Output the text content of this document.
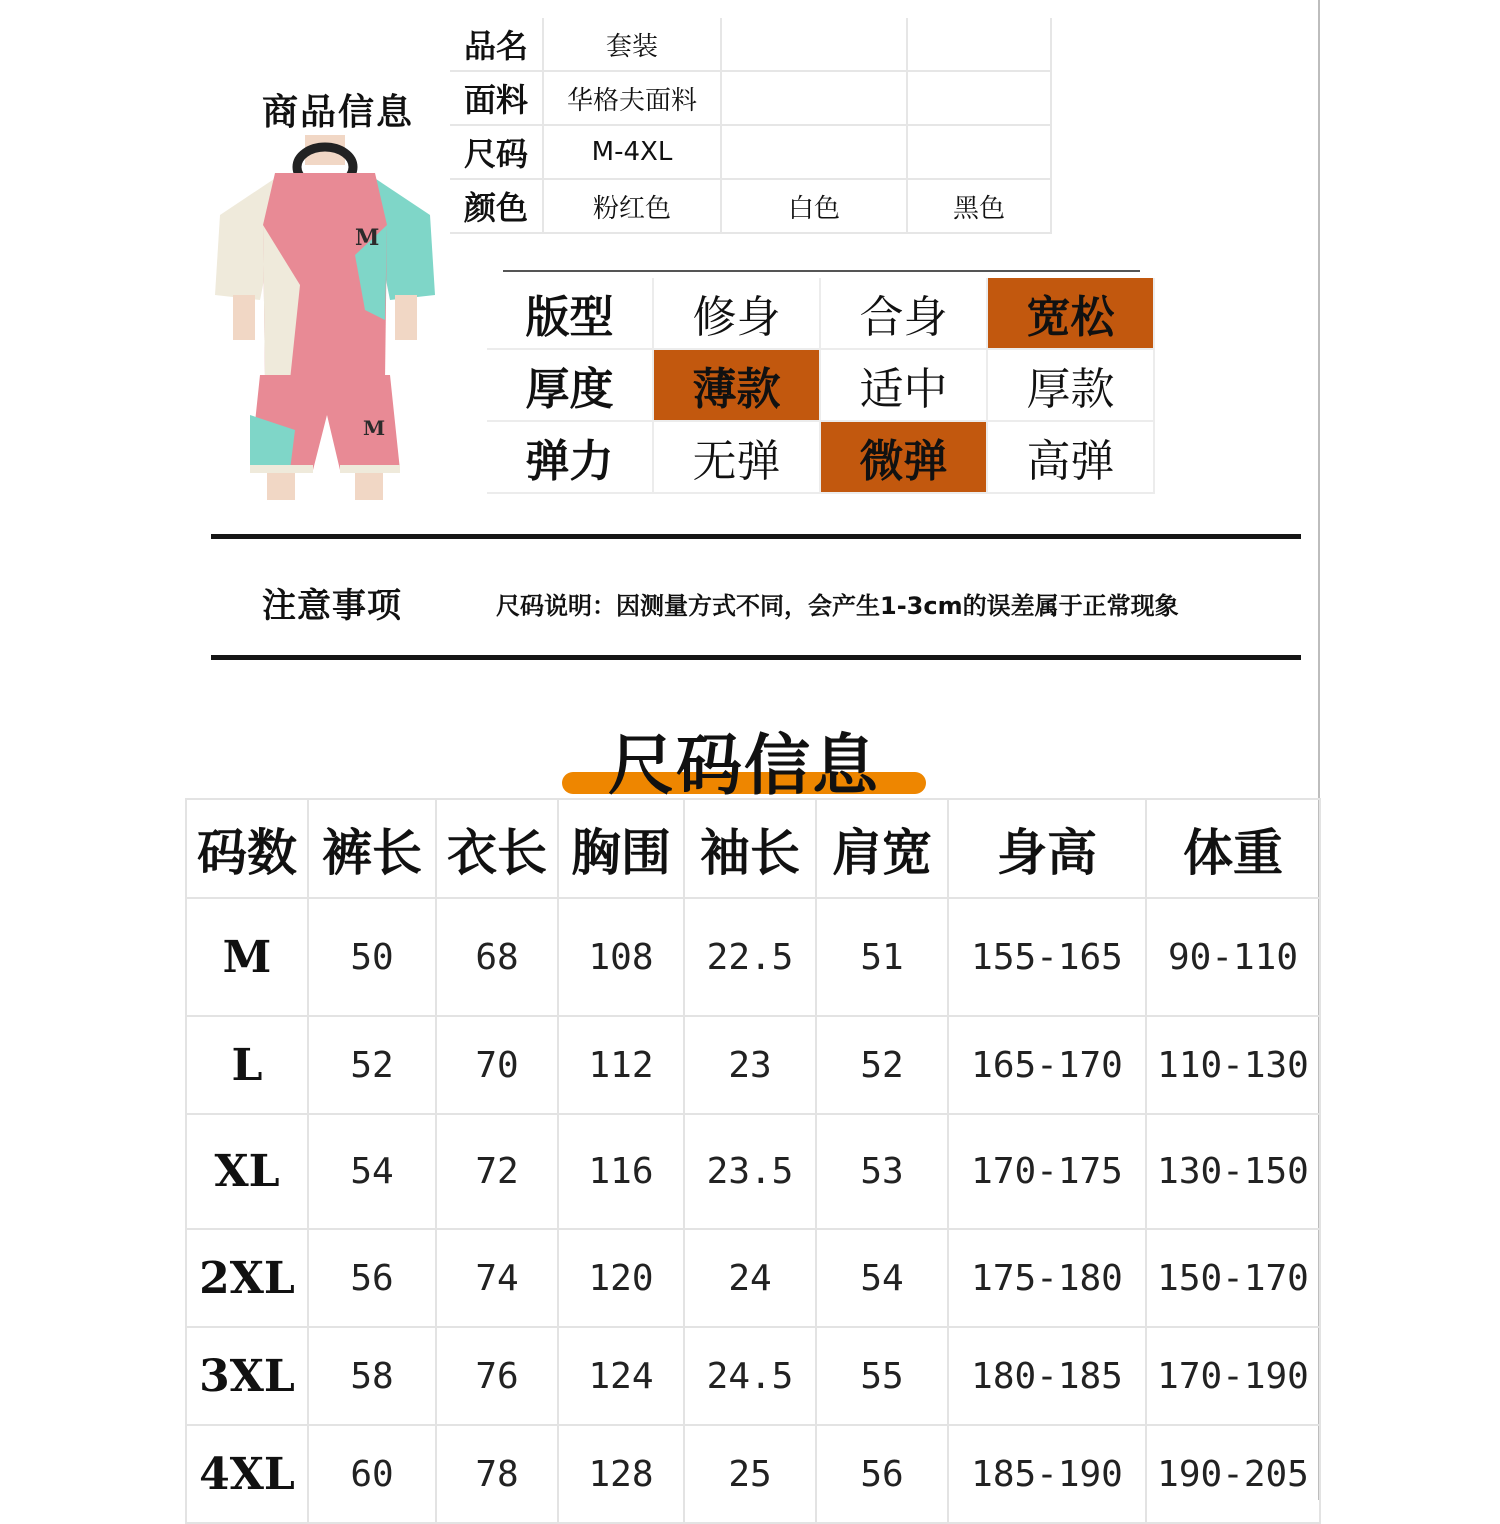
商品信息
品名	套装		
面料	华格夫面料		
尺码	M-4XL		
颜色	粉红色	白色	黑色
M
M
版型	修身	合身	宽松
厚度	薄款	适中	厚款
弹力	无弹	微弹	高弹
注意事项	尺码说明：因测量方式不同，会产生1-3cm的误差属于正常现象
尺码信息
码数	裤长	衣长	胸围	袖长	肩宽	身高	体重
M	50	68	108	22.5	51	155-165	90-110
L	52	70	112	23	52	165-170	110-130
XL	54	72	116	23.5	53	170-175	130-150
2XL	56	74	120	24	54	175-180	150-170
3XL	58	76	124	24.5	55	180-185	170-190
4XL	60	78	128	25	56	185-190	190-205
